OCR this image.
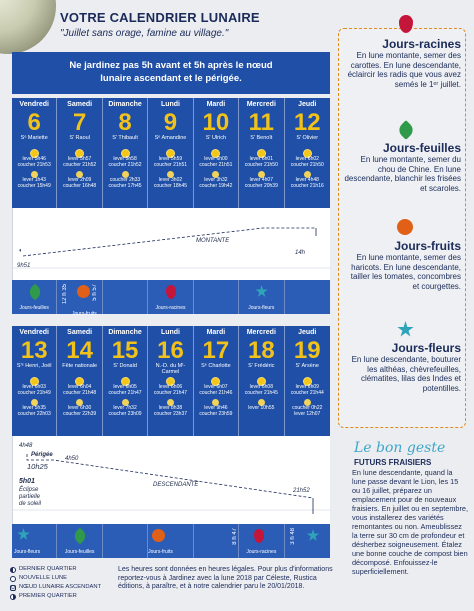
VOTRE CALENDRIER LUNAIRE
"Juillet sans orage, famine au village."
Ne jardinez pas 5h avant et 5h après le nœud
lunaire ascendant et le périgée.
Vendredi
6
Sᵉ Mariette
lever 5h46
coucher 21h53
lever 1h43
coucher 15h49
Samedi
7
S' Raoul
lever 5h57
coucher 21h52
lever 2h09
coucher 16h48
Dimanche
8
S' Thibault
lever 5h58
coucher 21h52
coucher 2h33
coucher 17h45
Lundi
9
Sᵉ Amandine
lever 5h59
coucher 21h51
lever 3h02
coucher 18h45
Mardi
10
S' Ulrich
lever 6h00
coucher 21h51
lever 3h32
coucher 19h42
Mercredi
11
S' Benoît
lever 6h01
coucher 21h50
lever 4h07
coucher 20h39
Jeudi
12
S' Olivier
lever 6h02
coucher 21h50
lever 4h48
coucher 21h16
◐
9h51
MONTANTE
14h
Jours-feuilles
12 h 35	5 h 57
Jours-racines	Jours-fleurs
Jours-fruits
Vendredi
13
S'ᵉ Henri, Joël
lever 6h03
coucher 21h49
lever 5h35
coucher 22h03
Samedi
14
Fête nationale
lever 6h04
coucher 21h48
lever 6h30
coucher 22h39
Dimanche
15
S' Donald
lever 6h05
coucher 21h47
lever 7h32
coucher 23h09
Lundi
16
N.-D. du Mᵗ-Carmel
lever 6h06
coucher 21h47
lever 8h38
coucher 23h37
Mardi
17
Sᵉ Charlotte
lever 6h07
coucher 21h46
lever 9h46
coucher 23h59
Mercredi
18
S' Frédéric
lever 6h08
coucher 21h45
lever 10h55
Jeudi
19
S' Arsène
lever 6h09
coucher 21h44
coucher 0h22
lever 12h07
4h48
Périgée
10h25
4h50
5h01
Éclipse
partielle
de soleil
DESCENDANTE
21h52
Jours-fleurs	Jours-feuilles	Jours-fruits
8 h 47
Jours-racines
3 h 48
Jours-racines
En lune montante, semer des carottes. En lune descendante, éclaircir les radis que vous avez semés le 1ᵉʳ juillet.
Jours-feuilles
En lune montante, semer du chou de Chine. En lune descendante, blanchir les frisées et scaroles.
Jours-fruits
En lune montante, semer des haricots. En lune descendante, tailler les tomates, concombres et courgettes.
Jours-fleurs
En lune descendante, bouturer les althéas, chèvrefeuilles, clématites, lilas des Indes et potentilles.
Le bon geste
FUTURS FRAISIERS
En lune descendante, quand la lune passe devant le Lion, les 15 ou 16 juillet, préparez un emplacement pour de nouveaux fraisiers. En juillet ou en septembre, vous installerez des variétés remontantes ou non. Ameublissez la terre sur 30 cm de profondeur et désherbez soigneusement. Étalez une bonne couche de compost bien décomposé. Enfouissez-le superficiellement.
DERNIER QUARTIER
NOUVELLE LUNE
Ω NŒUD LUNAIRE ASCENDANT
PREMIER QUARTIER
Les heures sont données en heures légales. Pour plus d'informations reportez-vous à Jardinez avec la lune 2018 par Céleste, Rustica éditions, à paraître, et à notre calendrier paru le 20/01/2018.
